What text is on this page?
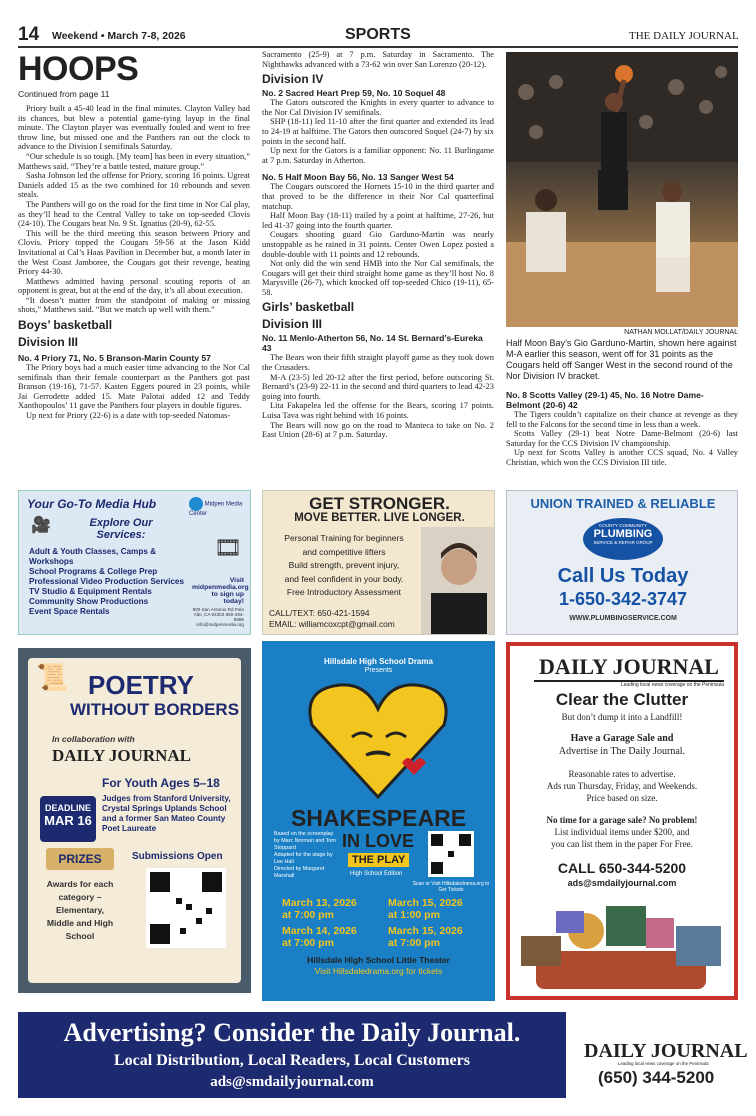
14 Weekend • March 7-8, 2026	SPORTS	THE DAILY JOURNAL
HOOPS
Continued from page 11

Priory built a 45-40 lead in the final minutes. Clayton Valley had its chances, but blew a potential game-tying layup in the final minute. The Clayton player was eventually fouled and went to free throw line, but missed one and the Panthers ran out the clock to advance to the Division I semifinals Saturday.

“Our schedule is so tough. [My team] has been in every situation,” Matthews said. “They’re a battle tested, mature group.”

Sasha Johnson led the offense for Priory, scoring 16 points. Ugreat Daniels added 15 as the two combined for 10 rebounds and seven steals.

The Panthers will go on the road for the first time in Nor Cal play, as they’ll head to the Central Valley to take on top-seeded Clovis (24-10). The Cougars beat No. 9 St. Ignatius (20-9), 62-55.

This will be the third meeting this season between Priory and Clovis. Priory topped the Cougars 59-56 at the Jason Kidd Invitational at Cal’s Haas Pavilion in December but, a month later in the West Coast Jamboree, the Cougars got their revenge, beating Priory 44-30.

Matthews admitted having personal scouting reports of an opponent is great, but at the end of the day, it’s all about execution.

“It doesn’t matter from the standpoint of making or missing shots,” Matthews said. “But we match up well with them.”

Boys’ basketball
Division III
No. 4 Priory 71, No. 5 Branson-Marin County 57

The Priory boys had a much easier time advancing to the Nor Cal semifinals than their female counterpart as the Panthers got past Branson (19-16), 71-57. Kasten Eggers poured in 23 points, while Jai Gerrodette added 15. Mate Palotai added 12 and Teddy Xanthopoulos’ 11 gave the Panthers four players in double figures.

Up next for Priory (22-6) is a date with top-seeded Natomas-

Sacramento (25-9) at 7 p.m. Saturday in Sacramento. The Nighthawks advanced with a 73-62 win over San Lorenzo (20-12).
Division IV
No. 2 Sacred Heart Prep 59, No. 10 Soquel 48

The Gators outscored the Knights in every quarter to advance to the Nor Cal Division IV semifinals.

SHP (18-11) led 11-10 after the first quarter and extended its lead to 24-19 at halftime. The Gators then outscored Soquel (24-7) by six points in the second half.

Up next for the Gators is a familiar opponent: No. 11 Burlingame at 7 p.m. Saturday in Atherton.

No. 5 Half Moon Bay 56, No. 13 Sanger West 54

The Cougars outscored the Hornets 15-10 in the third quarter and that proved to be the difference in their Nor Cal quarterfinal matchup.

Half Moon Bay (18-11) trailed by a point at halftime, 27-26, but led 41-37 going into the fourth quarter.

Cougars shooting guard Gio Garduno-Martin was nearly unstoppable as he rained in 31 points. Center Owen Lopez posted a double-double with 11 points and 12 rebounds.

Not only did the win send HMB into the Nor Cal semifinals, the Cougars will get their third straight home game as they’ll host No. 8 Marysville (26-7), which knocked off top-seeded Chico (19-11), 65-58.

Girls’ basketball
Division III
No. 11 Menlo-Atherton 56, No. 14 St. Bernard’s-Eureka 43

The Bears won their fifth straight playoff game as they took down the Crusaders.

M-A (23-5) led 20-12 after the first period, before outscoring St. Bernard’s (23-9) 22-11 in the second and third quarters to lead 42-23 going into fourth.

Lita Fakapelea led the offense for the Bears, scoring 17 points. Luisa Tava was right behind with 16 points.

The Bears will now go on the road to Manteca to take on No. 2 East Union (28-6) at 7 p.m. Saturday.

NATHAN MOLLAT/DAILY JOURNAL
Half Moon Bay’s Gio Garduno-Martin, shown here against M-A earlier this season, went off for 31 points as the Cougars held off Sanger West in the second round of the Nor Division IV bracket.
No. 8 Scotts Valley (29-1) 45, No. 16 Notre Dame-Belmont (20-6) 42

The Tigers couldn’t capitalize on their chance at revenge as they fell to the Falcons for the second time in less than a week.

Scotts Valley (29-1) beat Notre Dame-Belmont (20-6) last Saturday for the CCS Division IV championship.

Up next for Scotts Valley is another CCS squad, No. 4 Valley Christian, which won the CCS Division III title.

Your Go-To Media Hub	Midpen Media Center
Explore Our Services:	🎞
🎥
Adult & Youth Classes, Camps & Workshops
School Programs & College Prep
Professional Video Production Services
TV Studio & Equipment Rentals
Community Show Productions
Event Space Rentals
Visit midpenmedia.org to sign up today!
900 San Antonio Rd Palo Alto, CA 94303 650-494-8686 info@midpenmedia.org
GET STRONGER.
MOVE BETTER. LIVE LONGER.
Personal Training for beginners
and competitive lifters
Build strength, prevent injury,
and feel confident in your body.
Free Introductory Assessment
CALL/TEXT: 650-421-1594
EMAIL: williamcoxcpt@gmail.com
UNION TRAINED & RELIABLE
COUNTY COMMUNITY
PLUMBING
SERVICE & REPAIR GROUP
Call Us Today
1-650-342-3747
WWW.PLUMBINGSERVICE.COM
📜 POETRY
WITHOUT BORDERS
In collaboration with
DAILY JOURNAL
For Youth Ages 5–18
DEADLINE
MAR 16
Judges from Stanford University, Crystal Springs Uplands School and a former San Mateo County Poet Laureate
PRIZES
Awards for each category – Elementary, Middle and High School
Submissions Open
Hillsdale High School Drama
Presents
SHAKESPEARE
IN LOVE
THE PLAY
High School Edition
Based on the screenplay by Marc Norman and Tom Stoppard
Adapted for the stage by Lee Hall
Directed by Margaret Marshall
Scan or Visit Hillsdaledrama.org to Get Tickets
March 13, 2026
at 7:00 pm
March 15, 2026
at 1:00 pm
March 14, 2026
at 7:00 pm
March 15, 2026
at 7:00 pm
Hillsdale High School Little Theater
Visit Hillsdaledrama.org for tickets
DAILY JOURNAL
Leading local news coverage on the Peninsula
Clear the Clutter
But don’t dump it into a Landfill!
Have a Garage Sale and
Advertise in The Daily Journal.
Reasonable rates to advertise.
Ads run Thursday, Friday, and Weekends.
Price based on size.
No time for a garage sale? No problem!
List individual items under $200, and
you can list them in the paper For Free.
CALL 650-344-5200
ads@smdailyjournal.com
Advertising? Consider the Daily Journal.
Local Distribution, Local Readers, Local Customers
ads@smdailyjournal.com
DAILY JOURNAL
Leading local news coverage on the Peninsula
(650) 344-5200
